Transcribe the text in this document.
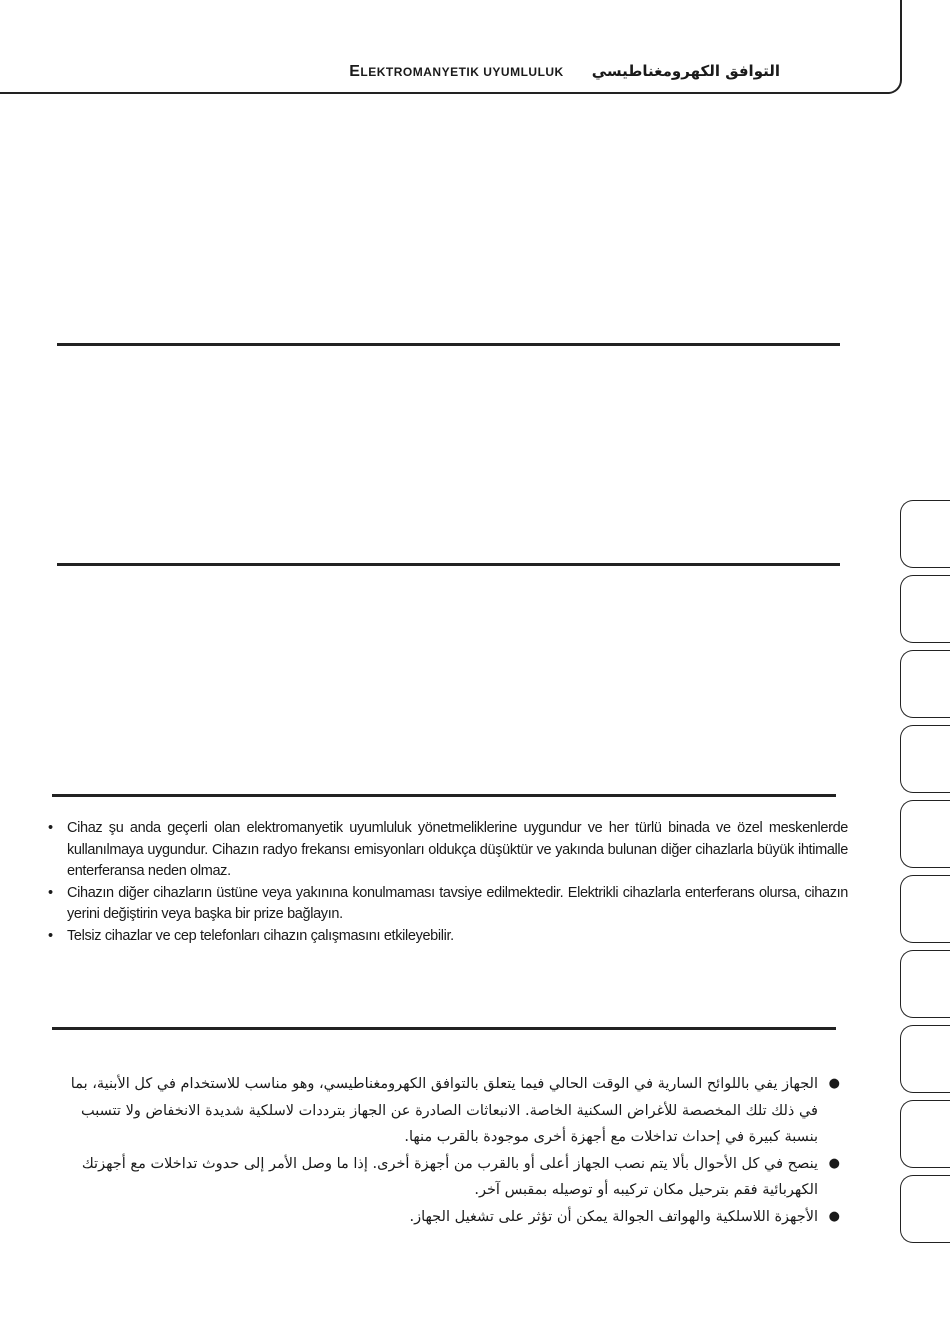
ELEKTROMANYETIK UYUMLULUK التوافق الكهرومغناطيسي
• Cihaz şu anda geçerli olan elektromanyetik uyumluluk yönetmeliklerine uygundur ve her türlü binada ve özel meskenlerde kullanılmaya uygundur. Cihazın radyo frekansı emisyonları oldukça düşüktür ve yakında bulunan diğer cihazlarla büyük ihtimalle enterferansa neden olmaz.
• Cihazın diğer cihazların üstüne veya yakınına konulmaması tavsiye edilmektedir. Elektrikli cihazlarla enterferans olursa, cihazın yerini değiştirin veya başka bir prize bağlayın.
• Telsiz cihazlar ve cep telefonları cihazın çalışmasını etkileyebilir.
●
الجهاز يفي باللوائح السارية في الوقت الحالي فيما يتعلق بالتوافق الكهرومغناطيسي، وهو مناسب للاستخدام في كل الأبنية، بما في ذلك تلك المخصصة للأغراض السكنية الخاصة. الانبعاثات الصادرة عن الجهاز بترددات لاسلكية شديدة الانخفاض ولا تتسبب بنسبة كبيرة في إحداث تداخلات مع أجهزة أخرى موجودة بالقرب منها.
●
ينصح في كل الأحوال بألا يتم نصب الجهاز أعلى أو بالقرب من أجهزة أخرى. إذا ما وصل الأمر إلى حدوث تداخلات مع أجهزتك الكهربائية فقم بترحيل مكان تركيبه أو توصيله بمقبس آخر.
●
الأجهزة اللاسلكية والهواتف الجوالة يمكن أن تؤثر على تشغيل الجهاز.
